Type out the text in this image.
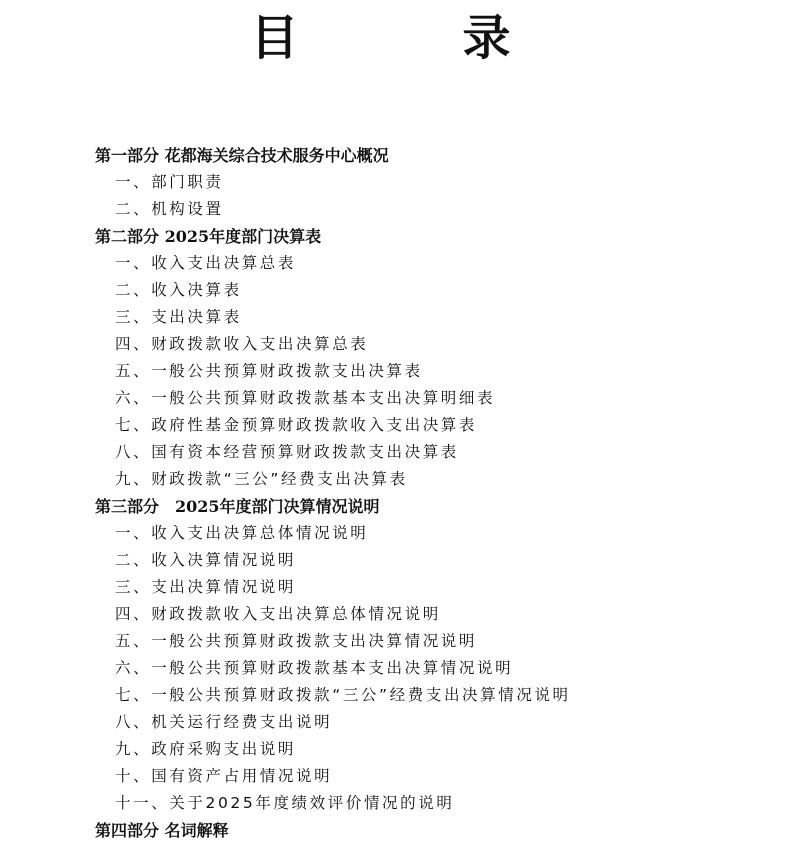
目　录
第一部分 花都海关综合技术服务中心概况
一、部门职责
二、机构设置
第二部分 2025年度部门决算表
一、收入支出决算总表
二、收入决算表
三、支出决算表
四、财政拨款收入支出决算总表
五、一般公共预算财政拨款支出决算表
六、一般公共预算财政拨款基本支出决算明细表
七、政府性基金预算财政拨款收入支出决算表
八、国有资本经营预算财政拨款支出决算表
九、财政拨款“三公”经费支出决算表
第三部分　2025年度部门决算情况说明
一、收入支出决算总体情况说明
二、收入决算情况说明
三、支出决算情况说明
四、财政拨款收入支出决算总体情况说明
五、一般公共预算财政拨款支出决算情况说明
六、一般公共预算财政拨款基本支出决算情况说明
七、一般公共预算财政拨款“三公”经费支出决算情况说明
八、机关运行经费支出说明
九、政府采购支出说明
十、国有资产占用情况说明
十一、关于2025年度绩效评价情况的说明
第四部分 名词解释
